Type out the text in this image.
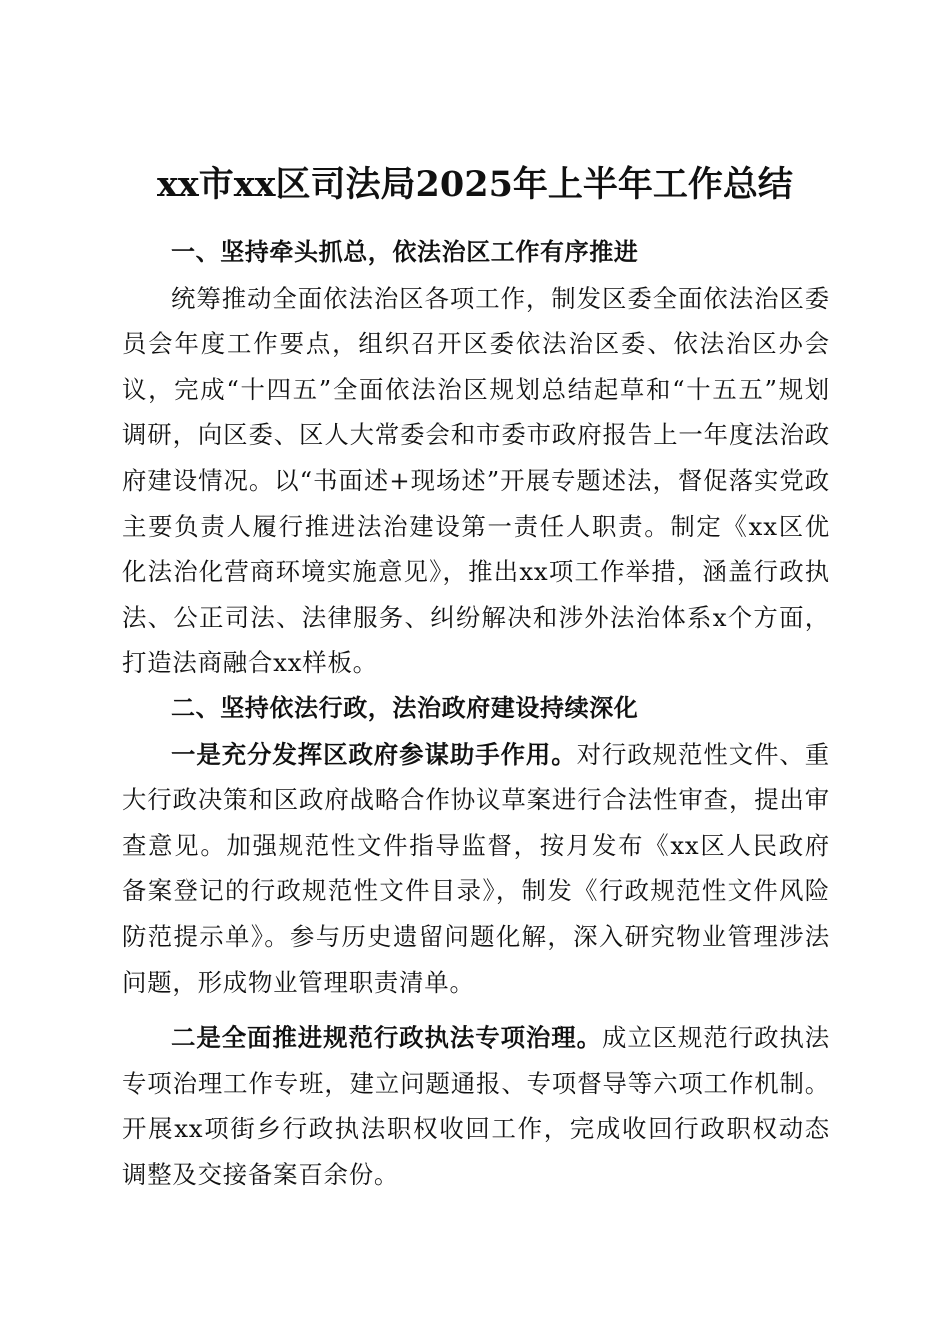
xx市xx区司法局2025年上半年工作总结

一、坚持牵头抓总，依法治区工作有序推进

统筹推动全面依法治区各项工作，制发区委全面依法治区委员会年度工作要点，组织召开区委依法治区委、依法治区办会议，完成“十四五”全面依法治区规划总结起草和“十五五”规划调研，向区委、区人大常委会和市委市政府报告上一年度法治政府建设情况。以“书面述+现场述”开展专题述法，督促落实党政主要负责人履行推进法治建设第一责任人职责。制定《xx区优化法治化营商环境实施意见》，推出xx项工作举措，涵盖行政执法、公正司法、法律服务、纠纷解决和涉外法治体系x个方面，打造法商融合xx样板。

二、坚持依法行政，法治政府建设持续深化

一是充分发挥区政府参谋助手作用。对行政规范性文件、重大行政决策和区政府战略合作协议草案进行合法性审查，提出审查意见。加强规范性文件指导监督，按月发布《xx区人民政府备案登记的行政规范性文件目录》，制发《行政规范性文件风险防范提示单》。参与历史遗留问题化解，深入研究物业管理涉法问题，形成物业管理职责清单。

二是全面推进规范行政执法专项治理。成立区规范行政执法专项治理工作专班，建立问题通报、专项督导等六项工作机制。开展xx项街乡行政执法职权收回工作，完成收回行政职权动态调整及交接备案百余份。
